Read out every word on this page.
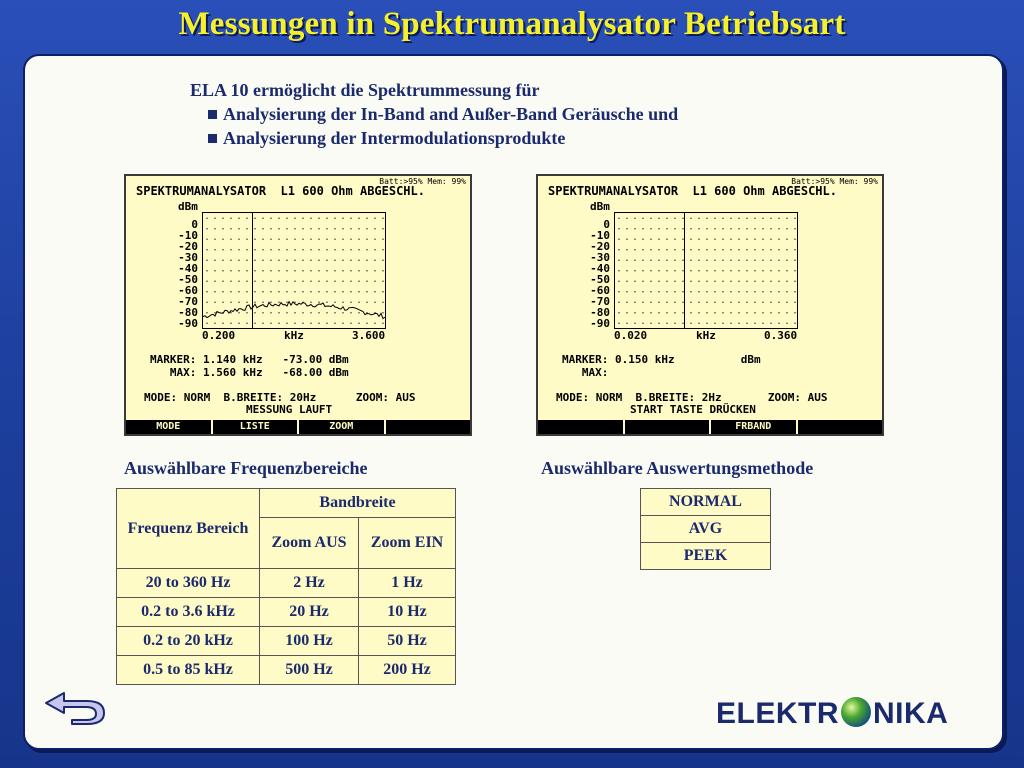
Messungen in Spektrumanalysator Betriebsart
ELA 10 ermöglicht die Spektrummessung für
Analysierung der In-Band and Außer-Band Geräusche und
Analysierung der Intermodulationsprodukte
Batt:>95% Mem: 99%
SPEKTRUMANALYSATOR  L1 600 Ohm ABGESCHL.
dBm
0
-10
-20
-30
-40
-50
-60
-70
-80
-90
0.200	kHz	3.600
MARKER: 1.140 kHz   -73.00 dBm
MAX: 1.560 kHz   -68.00 dBm
MODE: NORM  B.BREITE: 20Hz      ZOOM: AUS
MESSUNG LAUFT
MODE	LISTE	ZOOM
Batt:>95% Mem: 99%
SPEKTRUMANALYSATOR  L1 600 Ohm ABGESCHL.
dBm
0
-10
-20
-30
-40
-50
-60
-70
-80
-90
0.020	kHz	0.360
MARKER: 0.150 kHz          dBm
MAX:
MODE: NORM  B.BREITE: 2Hz       ZOOM: AUS
START TASTE DRÜCKEN
FRBAND
Auswählbare Frequenzbereiche	Auswählbare Auswertungsmethode
Frequenz Bereich	Bandbreite	
	Zoom AUS	Zoom EIN
20 to 360 Hz	2 Hz	1 Hz
0.2 to 3.6 kHz	20 Hz	10 Hz
0.2 to 20 kHz	100 Hz	50 Hz
0.5 to 85 kHz	500 Hz	200 Hz
NORMAL
AVG
PEEK
ELEKTR NIKA
